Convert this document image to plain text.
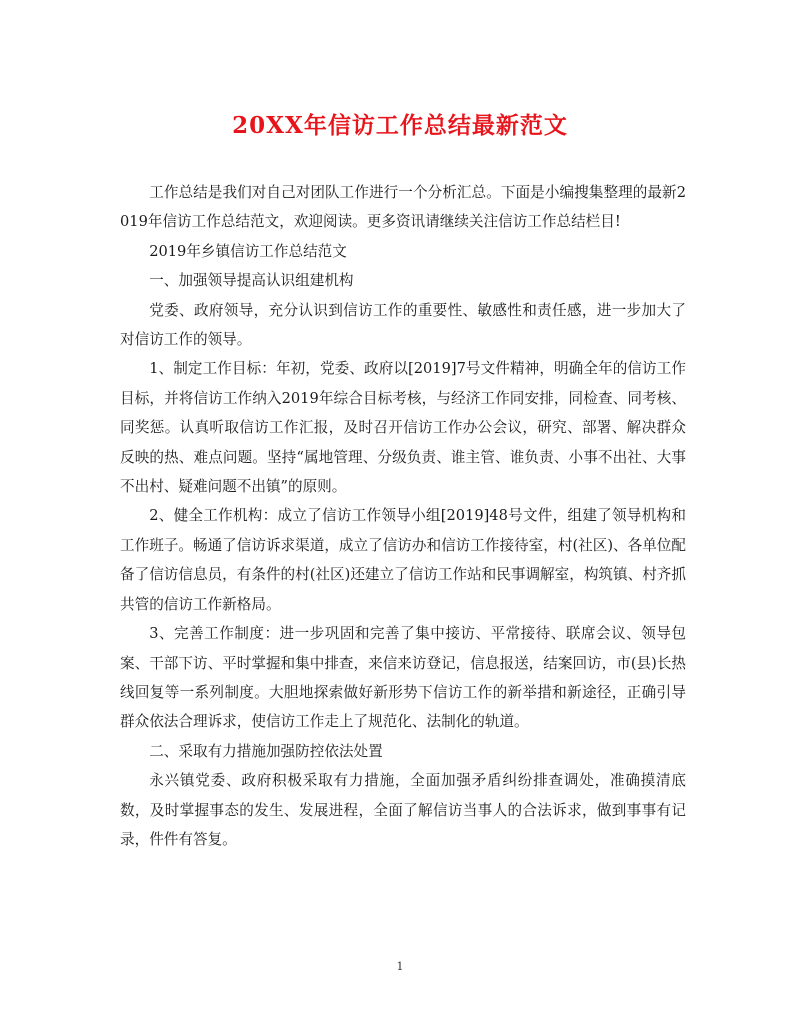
20XX年信访工作总结最新范文

工作总结是我们对自己对团队工作进行一个分析汇总。下面是小编搜集整理的最新2019年信访工作总结范文，欢迎阅读。更多资讯请继续关注信访工作总结栏目!

2019年乡镇信访工作总结范文

一、加强领导提高认识组建机构

党委、政府领导，充分认识到信访工作的重要性、敏感性和责任感，进一步加大了对信访工作的领导。

1、制定工作目标：年初，党委、政府以[2019]7号文件精神，明确全年的信访工作目标，并将信访工作纳入2019年综合目标考核，与经济工作同安排，同检查、同考核、同奖惩。认真听取信访工作汇报，及时召开信访工作办公会议，研究、部署、解决群众反映的热、难点问题。坚持“属地管理、分级负责、谁主管、谁负责、小事不出社、大事不出村、疑难问题不出镇”的原则。

2、健全工作机构：成立了信访工作领导小组[2019]48号文件，组建了领导机构和工作班子。畅通了信访诉求渠道，成立了信访办和信访工作接待室，村(社区)、各单位配备了信访信息员，有条件的村(社区)还建立了信访工作站和民事调解室，构筑镇、村齐抓共管的信访工作新格局。

3、完善工作制度：进一步巩固和完善了集中接访、平常接待、联席会议、领导包案、干部下访、平时掌握和集中排查，来信来访登记，信息报送，结案回访，市(县)长热线回复等一系列制度。大胆地探索做好新形势下信访工作的新举措和新途径，正确引导群众依法合理诉求，使信访工作走上了规范化、法制化的轨道。

二、采取有力措施加强防控依法处置

永兴镇党委、政府积极采取有力措施，全面加强矛盾纠纷排查调处，准确摸清底数，及时掌握事态的发生、发展进程，全面了解信访当事人的合法诉求，做到事事有记录，件件有答复。

1
